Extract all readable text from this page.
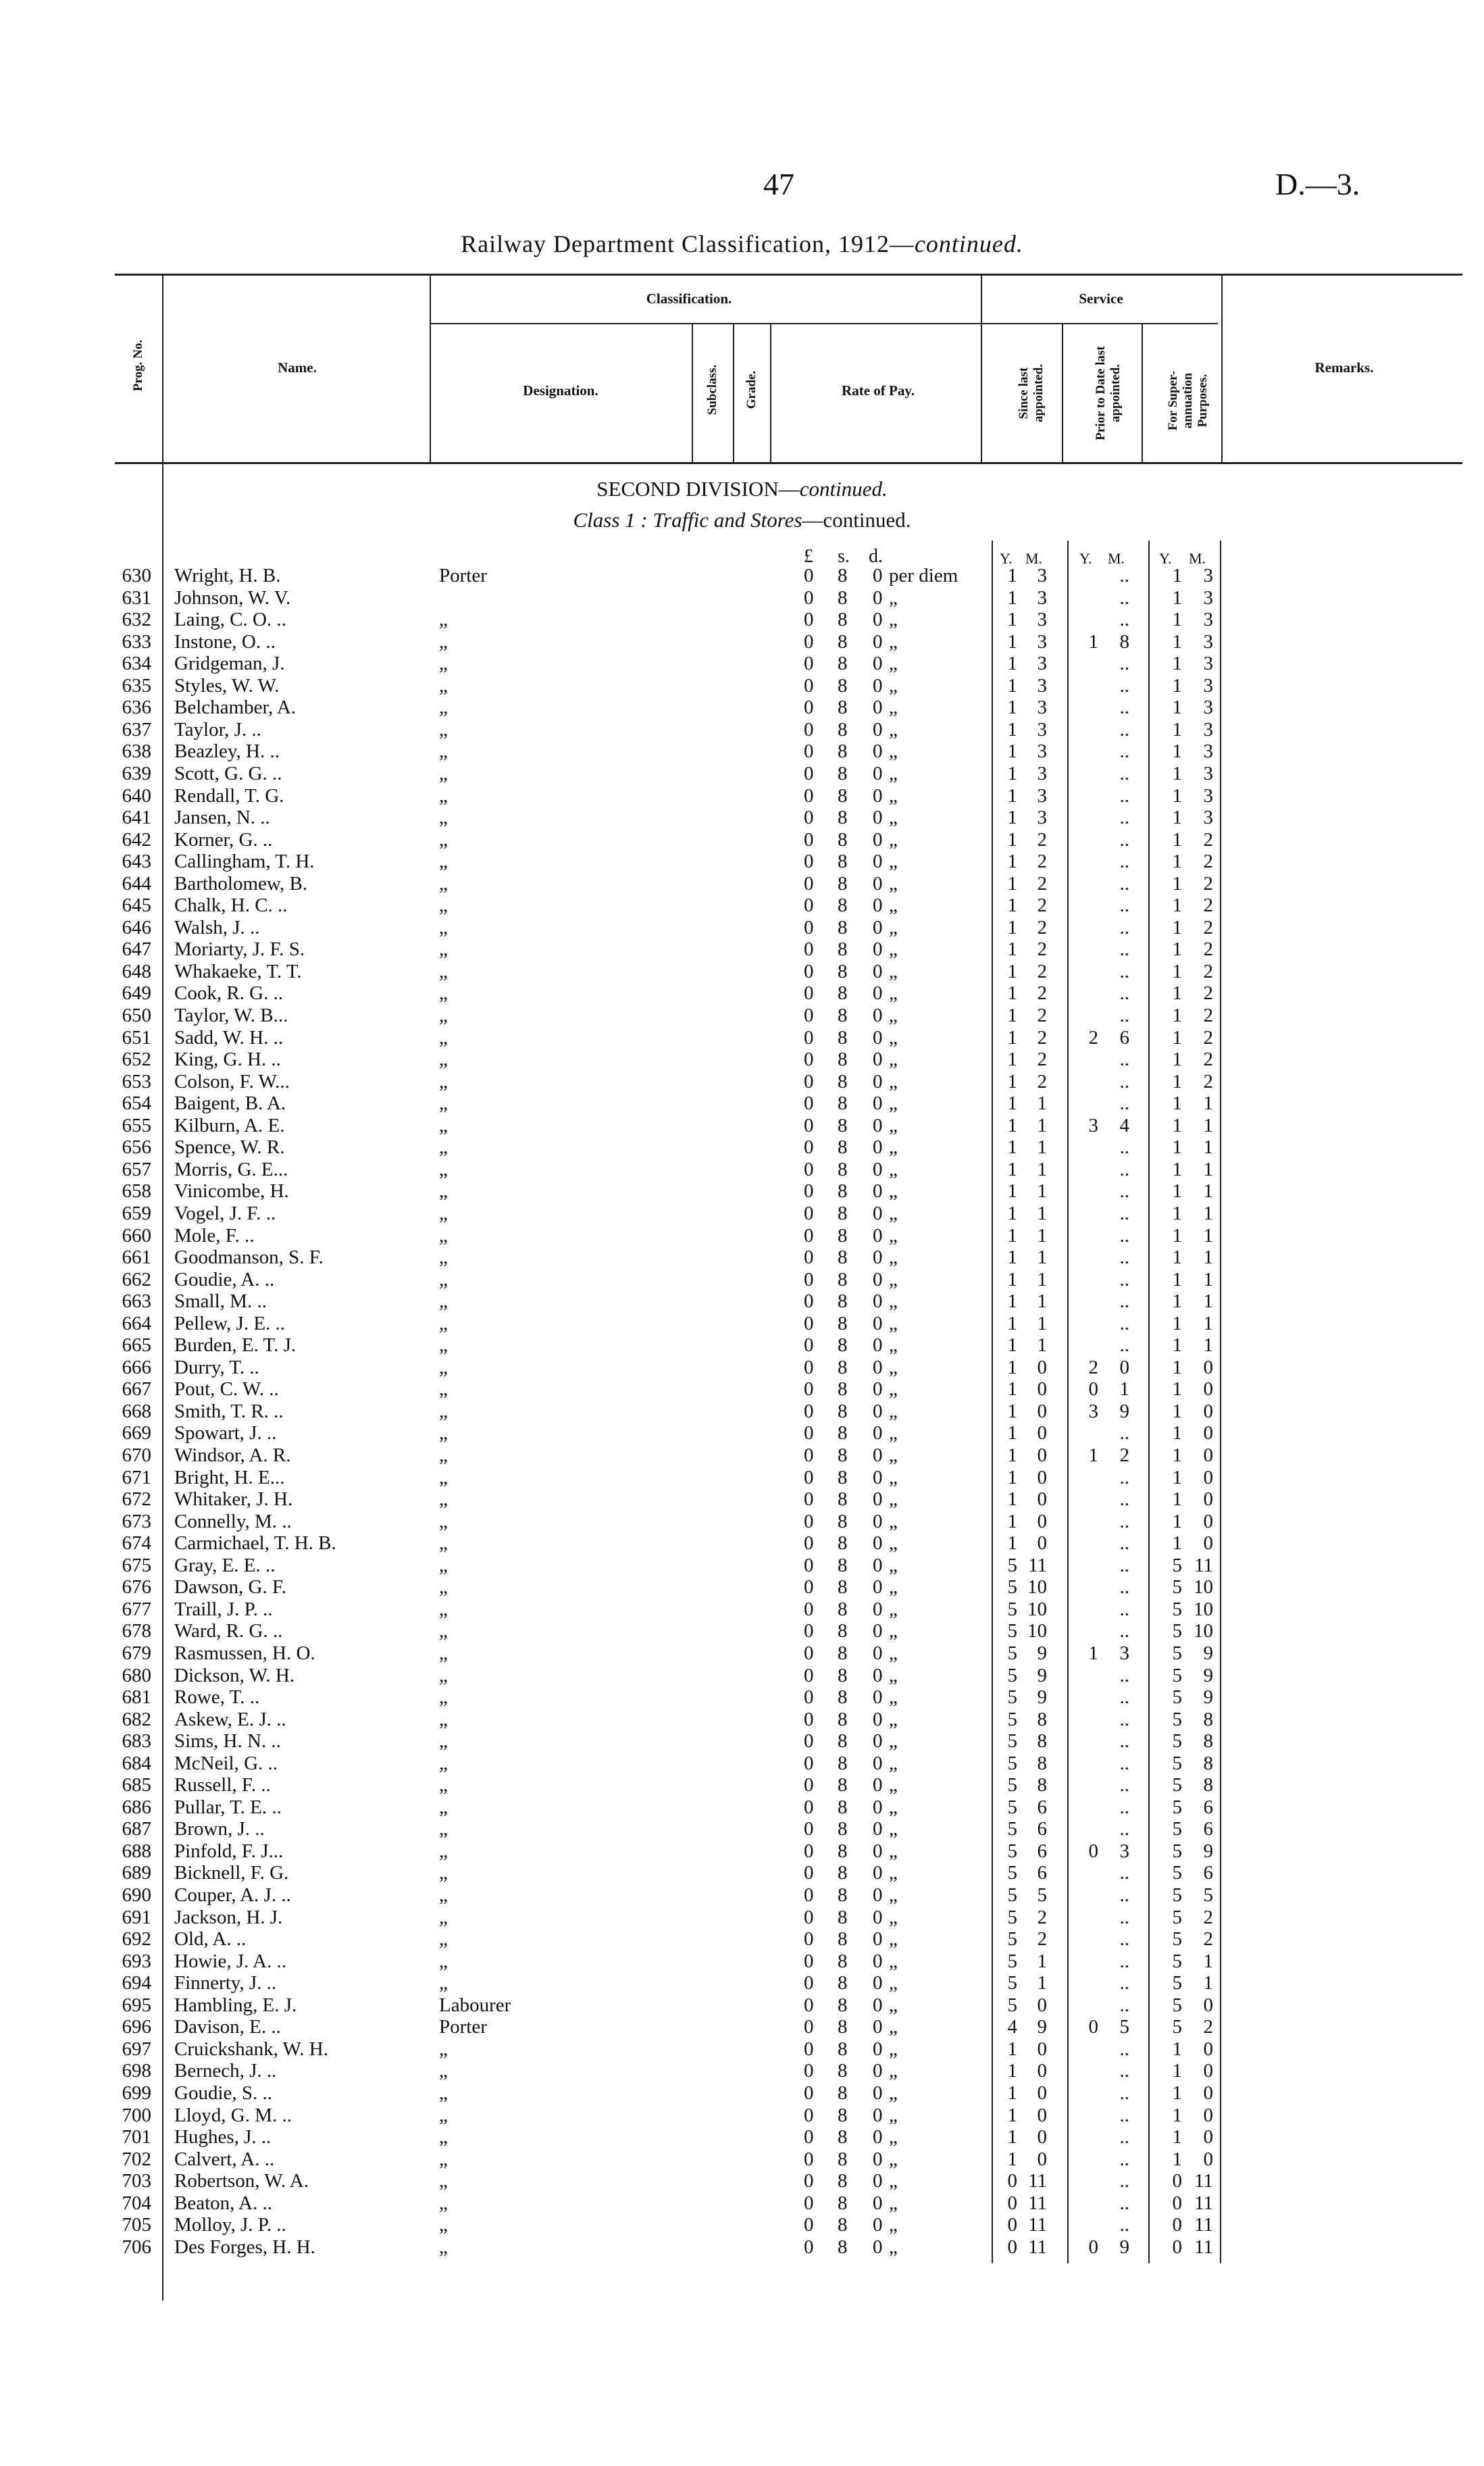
47	D.—3.
Railway Department Classification, 1912—continued.
Prog. No.	Name.
Classification.
Designation.	Subclass. Grade.	Rate of Pay.
Service
Since last appointed.	Prior to Date last appointed.	For Super-annuation Purposes.
Remarks.
SECOND DIVISION—continued.
Class 1 : Traffic and Stores—continued.
£ s. d.	Y. M. Y. M. Y. M.
630 Wright, H. B.	Porter	0 8 0 per diem	1	3	..	1	3
631 Johnson, W. V.	0 8 0 „	1	3	..	1	3
632 Laing, C. O. ..	„	0 8 0 „	1	3	..	1	3
633 Instone, O. ..	„	0 8 0 „	1	3	1	8	1	3
634 Gridgeman, J.	„	0 8 0 „	1	3	..	1	3
635 Styles, W. W.	„	0 8 0 „	1	3	..	1	3
636 Belchamber, A.	„	0 8 0 „	1	3	..	1	3
637 Taylor, J. ..	„	0 8 0 „	1	3	..	1	3
638 Beazley, H. ..	„	0 8 0 „	1	3	..	1	3
639 Scott, G. G. ..	„	0 8 0 „	1	3	..	1	3
640 Rendall, T. G.	„	0 8 0 „	1	3	..	1	3
641 Jansen, N. ..	„	0 8 0 „	1	3	..	1	3
642 Korner, G. ..	„	0 8 0 „	1	2	..	1	2
643 Callingham, T. H.	„	0 8 0 „	1	2	..	1	2
644 Bartholomew, B.	„	0 8 0 „	1	2	..	1	2
645 Chalk, H. C. ..	„	0 8 0 „	1	2	..	1	2
646 Walsh, J. ..	„	0 8 0 „	1	2	..	1	2
647 Moriarty, J. F. S.	„	0 8 0 „	1	2	..	1	2
648 Whakaeke, T. T.	„	0 8 0 „	1	2	..	1	2
649 Cook, R. G. ..	„	0 8 0 „	1	2	..	1	2
650 Taylor, W. B...	„	0 8 0 „	1	2	..	1	2
651 Sadd, W. H. ..	„	0 8 0 „	1	2	2	6	1	2
652 King, G. H. ..	„	0 8 0 „	1	2	..	1	2
653 Colson, F. W...	„	0 8 0 „	1	2	..	1	2
654 Baigent, B. A.	„	0 8 0 „	1	1	..	1	1
655 Kilburn, A. E.	„	0 8 0 „	1	1	3	4	1	1
656 Spence, W. R.	„	0 8 0 „	1	1	..	1	1
657 Morris, G. E...	„	0 8 0 „	1	1	..	1	1
658 Vinicombe, H.	„	0 8 0 „	1	1	..	1	1
659 Vogel, J. F. ..	„	0 8 0 „	1	1	..	1	1
660 Mole, F. ..	„	0 8 0 „	1	1	..	1	1
661 Goodmanson, S. F.	„	0 8 0 „	1	1	..	1	1
662 Goudie, A. ..	„	0 8 0 „	1	1	..	1	1
663 Small, M. ..	„	0 8 0 „	1	1	..	1	1
664 Pellew, J. E. ..	„	0 8 0 „	1	1	..	1	1
665 Burden, E. T. J.	„	0 8 0 „	1	1	..	1	1
666 Durry, T. ..	„	0 8 0 „	1	0	2	0	1	0
667 Pout, C. W. ..	„	0 8 0 „	1	0	0	1	1	0
668 Smith, T. R. ..	„	0 8 0 „	1	0	3	9	1	0
669 Spowart, J. ..	„	0 8 0 „	1	0	..	1	0
670 Windsor, A. R.	„	0 8 0 „	1	0	1	2	1	0
671 Bright, H. E...	„	0 8 0 „	1	0	..	1	0
672 Whitaker, J. H.	„	0 8 0 „	1	0	..	1	0
673 Connelly, M. ..	„	0 8 0 „	1	0	..	1	0
674 Carmichael, T. H. B.	„	0 8 0 „	1	0	..	1	0
675 Gray, E. E. ..	„	0 8 0 „	5 11	..	5 11
676 Dawson, G. F.	„	0 8 0 „	5 10	..	5 10
677 Traill, J. P. ..	„	0 8 0 „	5 10	..	5 10
678 Ward, R. G. ..	„	0 8 0 „	5 10	..	5 10
679 Rasmussen, H. O.	„	0 8 0 „	5	9	1	3	5	9
680 Dickson, W. H.	„	0 8 0 „	5	9	..	5	9
681 Rowe, T. ..	„	0 8 0 „	5	9	..	5	9
682 Askew, E. J. ..	„	0 8 0 „	5	8	..	5	8
683 Sims, H. N. ..	„	0 8 0 „	5	8	..	5	8
684 McNeil, G. ..	„	0 8 0 „	5	8	..	5	8
685 Russell, F. ..	„	0 8 0 „	5	8	..	5	8
686 Pullar, T. E. ..	„	0 8 0 „	5	6	..	5	6
687 Brown, J. ..	„	0 8 0 „	5	6	..	5	6
688 Pinfold, F. J...	„	0 8 0 „	5	6	0	3	5	9
689 Bicknell, F. G.	„	0 8 0 „	5	6	..	5	6
690 Couper, A. J. ..	„	0 8 0 „	5	5	..	5	5
691 Jackson, H. J.	„	0 8 0 „	5	2	..	5	2
692 Old, A. ..	„	0 8 0 „	5	2	..	5	2
693 Howie, J. A. ..	„	0 8 0 „	5	1	..	5	1
694 Finnerty, J. ..	„	0 8 0 „	5	1	..	5	1
695 Hambling, E. J.	Labourer	0 8 0 „	5	0	..	5	0
696 Davison, E. ..	Porter	0 8 0 „	4	9	0	5	5	2
697 Cruickshank, W. H.	„	0 8 0 „	1	0	..	1	0
698 Bernech, J. ..	„	0 8 0 „	1	0	..	1	0
699 Goudie, S. ..	„	0 8 0 „	1	0	..	1	0
700 Lloyd, G. M. ..	„	0 8 0 „	1	0	..	1	0
701 Hughes, J. ..	„	0 8 0 „	1	0	..	1	0
702 Calvert, A. ..	„	0 8 0 „	1	0	..	1	0
703 Robertson, W. A.	„	0 8 0 „	0 11	..	0 11
704 Beaton, A. ..	„	0 8 0 „	0 11	..	0 11
705 Molloy, J. P. ..	„	0 8 0 „	0 11	..	0 11
706 Des Forges, H. H.	„	0 8 0 „	0 11	0	9	0 11
